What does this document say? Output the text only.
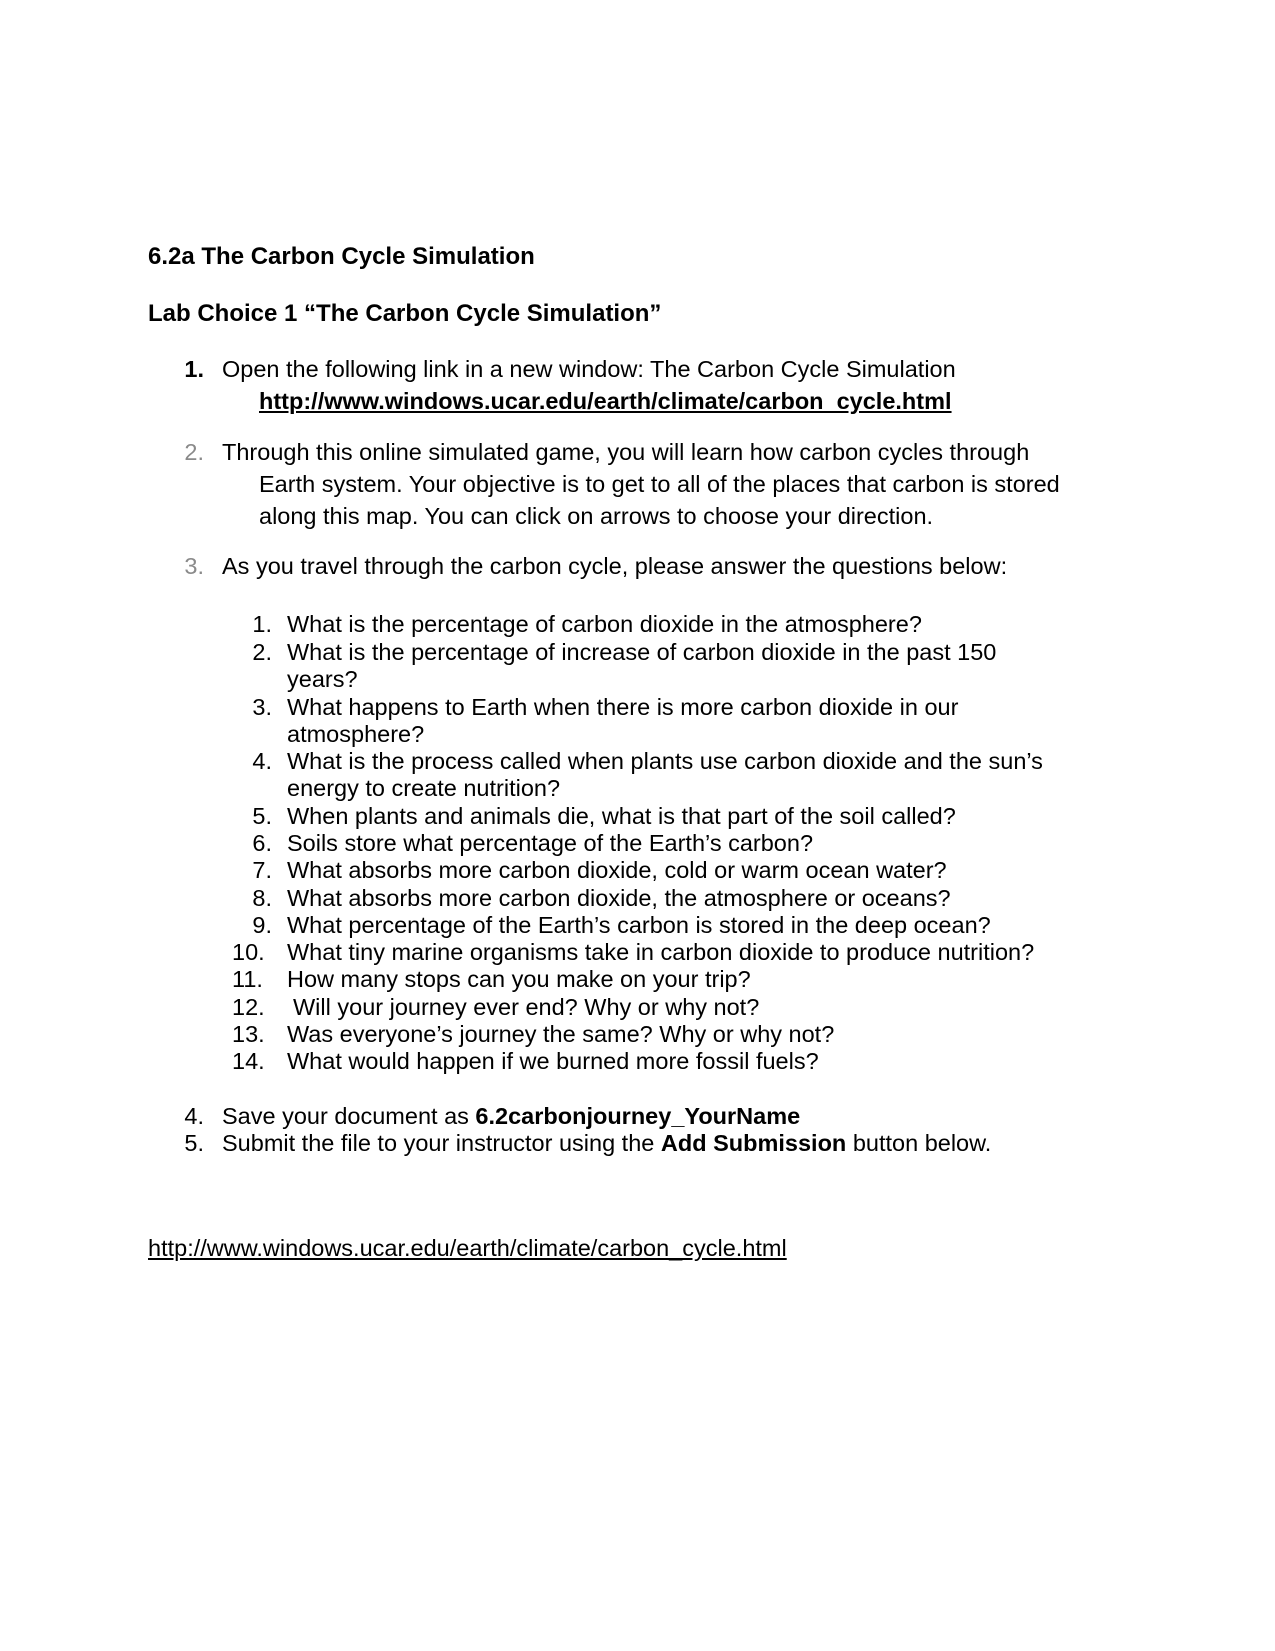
6.2a The Carbon Cycle Simulation
Lab Choice 1 “The Carbon Cycle Simulation”
1. Open the following link in a new window: The Carbon Cycle Simulation
http://www.windows.ucar.edu/earth/climate/carbon_cycle.html
2. Through this online simulated game, you will learn how carbon cycles through
Earth system. Your objective is to get to all of the places that carbon is stored
along this map. You can click on arrows to choose your direction.
3. As you travel through the carbon cycle, please answer the questions below:
1. What is the percentage of carbon dioxide in the atmosphere?
2. What is the percentage of increase of carbon dioxide in the past 150
years?
3. What happens to Earth when there is more carbon dioxide in our
atmosphere?
4. What is the process called when plants use carbon dioxide and the sun’s
energy to create nutrition?
5. When plants and animals die, what is that part of the soil called?
6. Soils store what percentage of the Earth’s carbon?
7. What absorbs more carbon dioxide, cold or warm ocean water?
8. What absorbs more carbon dioxide, the atmosphere or oceans?
9. What percentage of the Earth’s carbon is stored in the deep ocean?
10. What tiny marine organisms take in carbon dioxide to produce nutrition?
11.	How many stops can you make on your trip?
12.	Will your journey ever end? Why or why not?
13. Was everyone’s journey the same? Why or why not?
14. What would happen if we burned more fossil fuels?
4. Save your document as 6.2carbonjourney_YourName
5. Submit the file to your instructor using the Add Submission button below.
http://www.windows.ucar.edu/earth/climate/carbon_cycle.html
